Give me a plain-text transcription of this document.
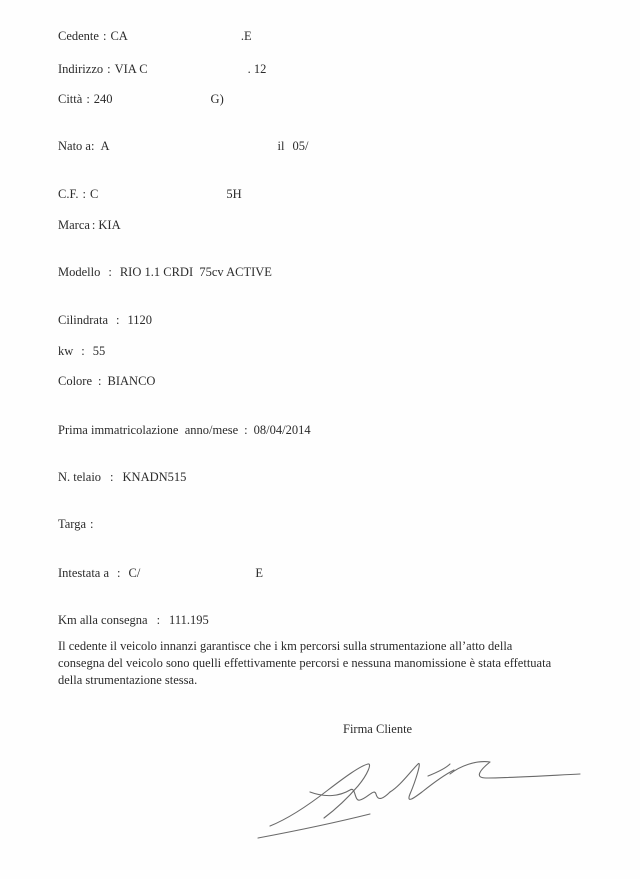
Cedente : CA	.E
Indirizzo : VIA C	. 12
Città : 240	G)
Nato a: A	il 05/
C.F. : C	5H
Marca : KIA
Modello : RIO 1.1 CRDI  75cv ACTIVE
Cilindrata : 1120
kw : 55
Colore : BIANCO
Prima immatricolazione  anno/mese : 08/04/2014
N. telaio : KNADN515
Targa :
Intestata a : C/	E
Km alla consegna : 111.195
Il cedente il veicolo innanzi garantisce che i km percorsi sulla strumentazione all’atto della
consegna del veicolo sono quelli effettivamente percorsi e nessuna manomissione è stata effettuata
della strumentazione stessa.
Firma Cliente
